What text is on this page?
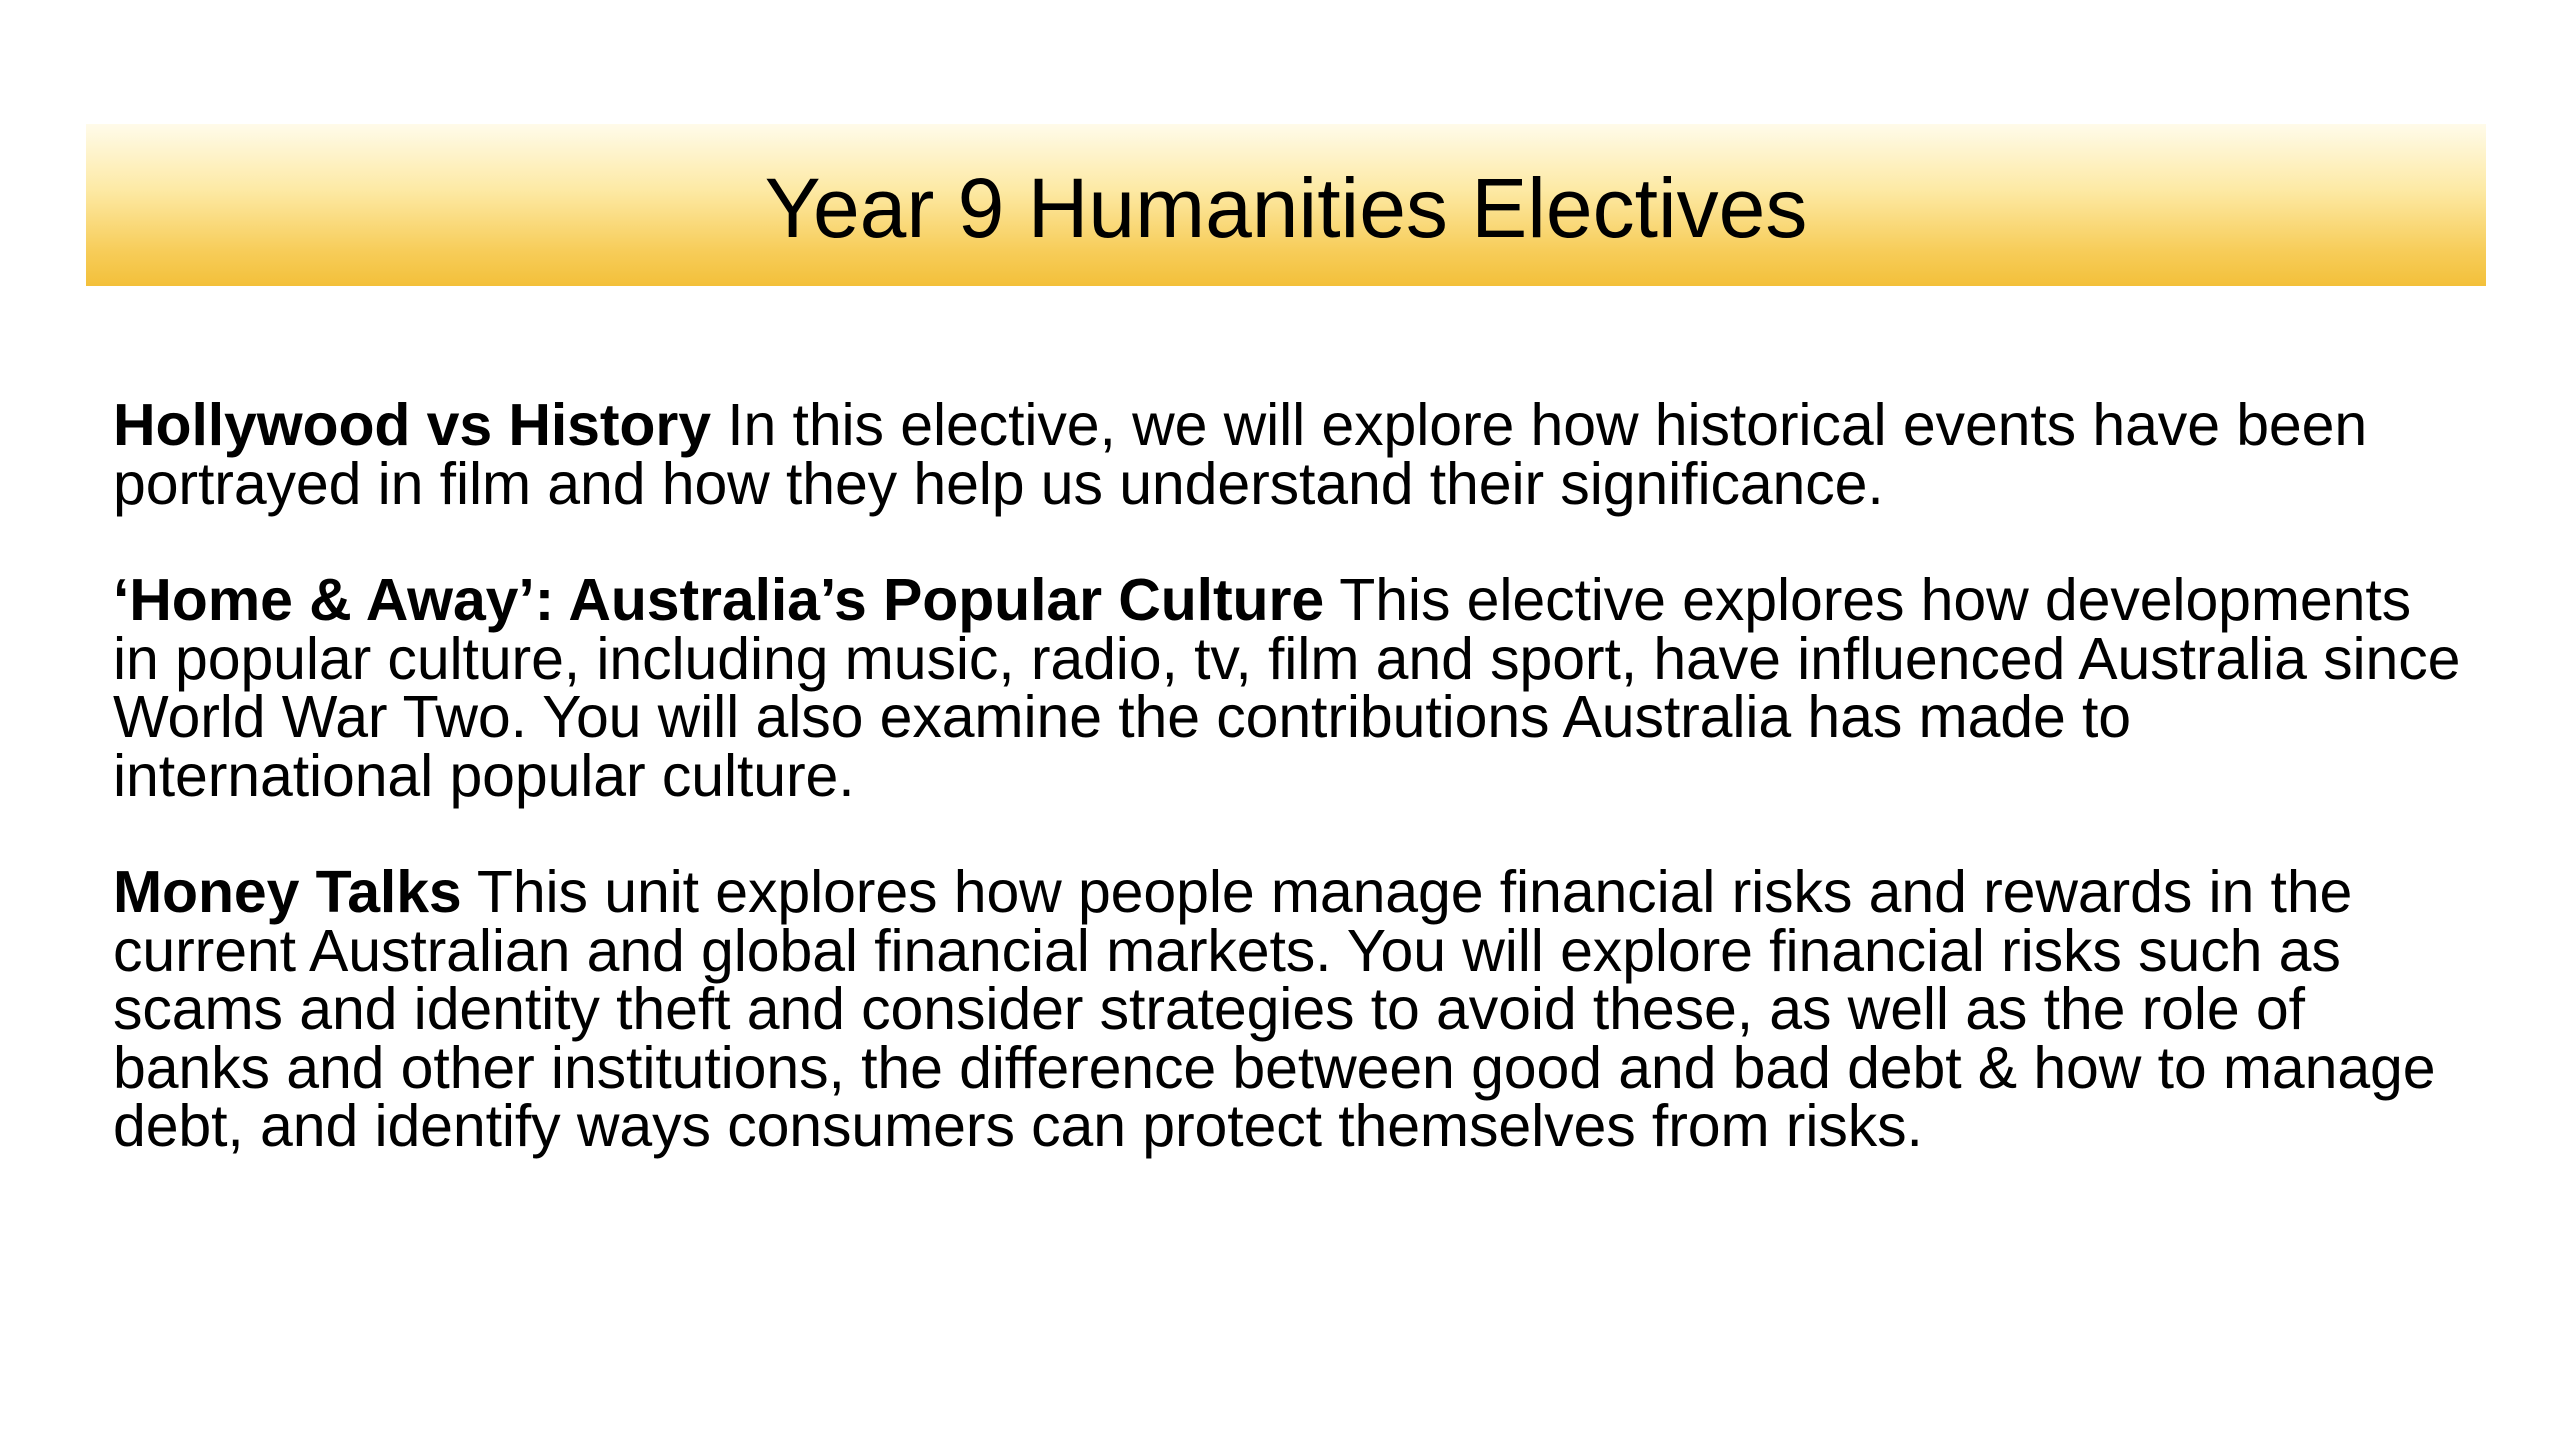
Year 9 Humanities Electives

Hollywood vs History In this elective, we will explore how historical events have been portrayed in film and how they help us understand their significance.

‘Home & Away’: Australia’s Popular Culture This elective explores how developments in popular culture, including music, radio, tv, film and sport, have influenced Australia since World War Two. You will also examine the contributions Australia has made to international popular culture.

Money Talks This unit explores how people manage financial risks and rewards in the current Australian and global financial markets. You will explore financial risks such as scams and identity theft and consider strategies to avoid these, as well as the role of banks and other institutions, the difference between good and bad debt & how to manage debt, and identify ways consumers can protect themselves from risks.
